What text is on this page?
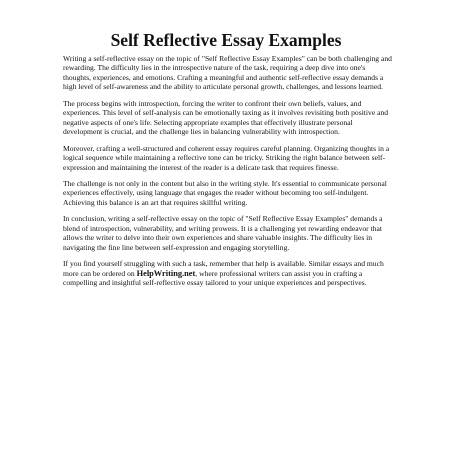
Self Reflective Essay Examples

Writing a self-reflective essay on the topic of "Self Reflective Essay Examples" can be both challenging and rewarding. The difficulty lies in the introspective nature of the task, requiring a deep dive into one's thoughts, experiences, and emotions. Crafting a meaningful and authentic self-reflective essay demands a high level of self-awareness and the ability to articulate personal growth, challenges, and lessons learned.

The process begins with introspection, forcing the writer to confront their own beliefs, values, and experiences. This level of self-analysis can be emotionally taxing as it involves revisiting both positive and negative aspects of one's life. Selecting appropriate examples that effectively illustrate personal development is crucial, and the challenge lies in balancing vulnerability with introspection.

Moreover, crafting a well-structured and coherent essay requires careful planning. Organizing thoughts in a logical sequence while maintaining a reflective tone can be tricky. Striking the right balance between self-expression and maintaining the interest of the reader is a delicate task that requires finesse.

The challenge is not only in the content but also in the writing style. It's essential to communicate personal experiences effectively, using language that engages the reader without becoming too self-indulgent. Achieving this balance is an art that requires skillful writing.

In conclusion, writing a self-reflective essay on the topic of "Self Reflective Essay Examples" demands a blend of introspection, vulnerability, and writing prowess. It is a challenging yet rewarding endeavor that allows the writer to delve into their own experiences and share valuable insights. The difficulty lies in navigating the fine line between self-expression and engaging storytelling.

If you find yourself struggling with such a task, remember that help is available. Similar essays and much more can be ordered on HelpWriting.net, where professional writers can assist you in crafting a compelling and insightful self-reflective essay tailored to your unique experiences and perspectives.
